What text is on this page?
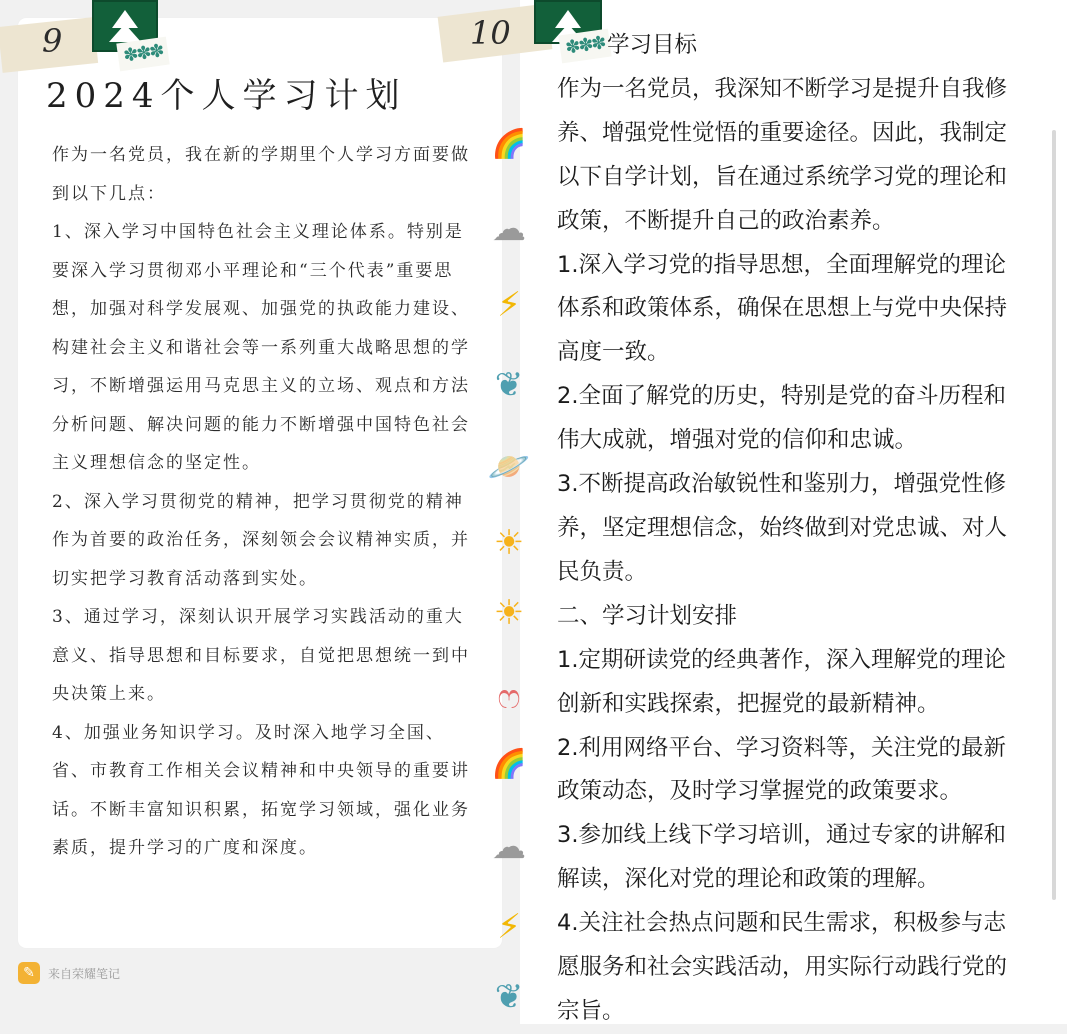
9	✽✽✽
2024个人学习计划

作为一名党员，我在新的学期里个人学习方面要做到以下几点：

1、深入学习中国特色社会主义理论体系。特别是要深入学习贯彻邓小平理论和“三个代表”重要思想，加强对科学发展观、加强党的执政能力建设、构建社会主义和谐社会等一系列重大战略思想的学习，不断增强运用马克思主义的立场、观点和方法分析问题、解决问题的能力不断增强中国特色社会主义理想信念的坚定性。

2、深入学习贯彻党的精神，把学习贯彻党的精神作为首要的政治任务，深刻领会会议精神实质，并切实把学习教育活动落到实处。

3、通过学习，深刻认识开展学习实践活动的重大意义、指导思想和目标要求，自觉把思想统一到中央决策上来。

4、加强业务知识学习。及时深入地学习全国、省、市教育工作相关会议精神和中央领导的重要讲话。不断丰富知识积累，拓宽学习领域，强化业务素质，提升学习的广度和深度。

✎	来自荣耀笔记
10	✽✽✽ 学习目标

作为一名党员，我深知不断学习是提升自我修养、增强党性觉悟的重要途径。因此，我制定以下自学计划，旨在通过系统学习党的理论和政策，不断提升自己的政治素养。

1.深入学习党的指导思想，全面理解党的理论体系和政策体系，确保在思想上与党中央保持高度一致。

2.全面了解党的历史，特别是党的奋斗历程和伟大成就，增强对党的信仰和忠诚。

3.不断提高政治敏锐性和鉴别力，增强党性修养，坚定理想信念，始终做到对党忠诚、对人民负责。

二、学习计划安排

1.定期研读党的经典著作，深入理解党的理论创新和实践探索，把握党的最新精神。

2.利用网络平台、学习资料等，关注党的最新政策动态，及时学习掌握党的政策要求。

3.参加线上线下学习培训，通过专家的讲解和解读，深化对党的理论和政策的理解。

4.关注社会热点问题和民生需求，积极参与志愿服务和社会实践活动，用实际行动践行党的宗旨。

🌈
☁
⚡
❦
🪐
☀
☀
ෆ
🌈
☁
⚡
❦
